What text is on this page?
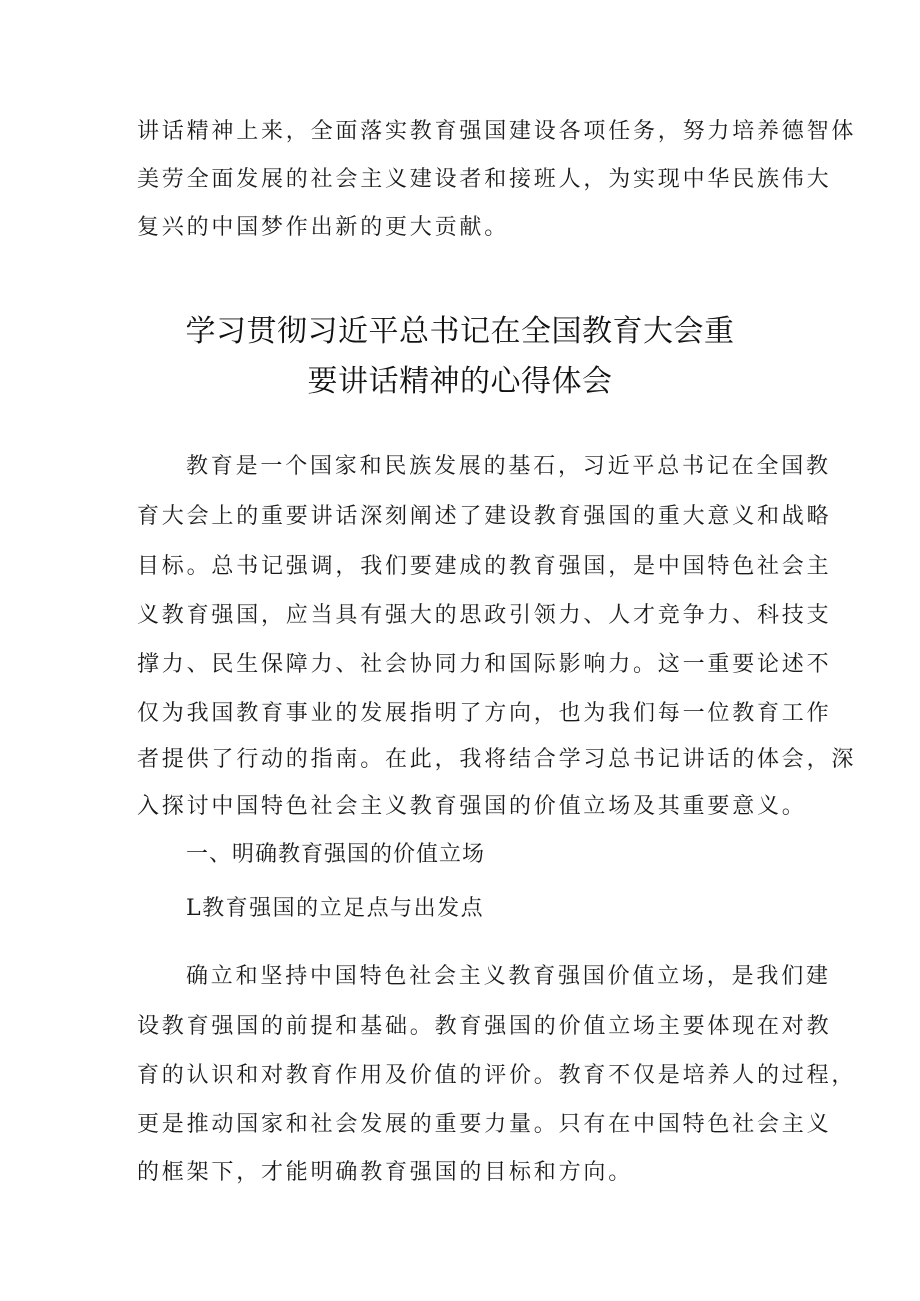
讲话精神上来，全面落实教育强国建设各项任务，努力培养德智体
美劳全面发展的社会主义建设者和接班人，为实现中华民族伟大
复兴的中国梦作出新的更大贡献。
学习贯彻习近平总书记在全国教育大会重
要讲话精神的心得体会
教育是一个国家和民族发展的基石，习近平总书记在全国教
育大会上的重要讲话深刻阐述了建设教育强国的重大意义和战略
目标。总书记强调，我们要建成的教育强国，是中国特色社会主
义教育强国，应当具有强大的思政引领力、人才竞争力、科技支
撑力、民生保障力、社会协同力和国际影响力。这一重要论述不
仅为我国教育事业的发展指明了方向，也为我们每一位教育工作
者提供了行动的指南。在此，我将结合学习总书记讲话的体会，深
入探讨中国特色社会主义教育强国的价值立场及其重要意义。
一、明确教育强国的价值立场
L教育强国的立足点与出发点
确立和坚持中国特色社会主义教育强国价值立场，是我们建
设教育强国的前提和基础。教育强国的价值立场主要体现在对教
育的认识和对教育作用及价值的评价。教育不仅是培养人的过程，
更是推动国家和社会发展的重要力量。只有在中国特色社会主义
的框架下，才能明确教育强国的目标和方向。
